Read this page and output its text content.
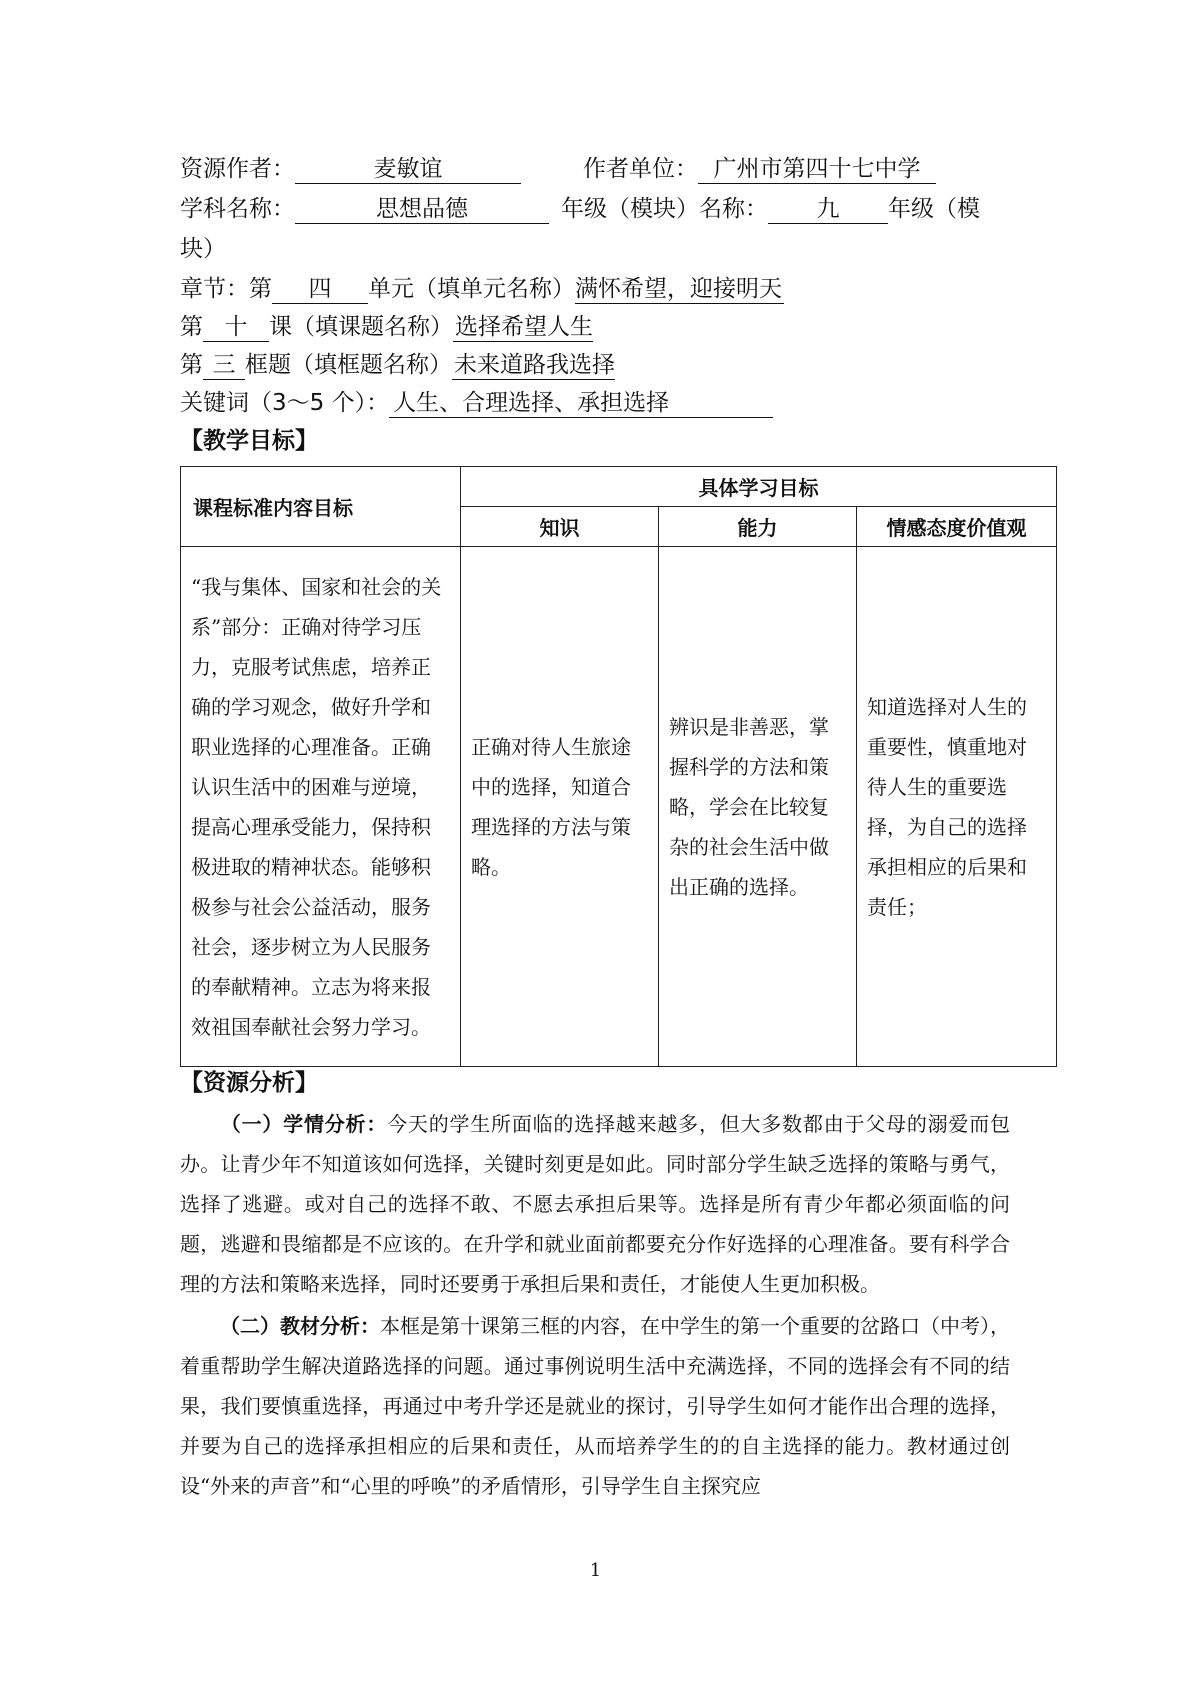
资源作者：	麦敏谊	作者单位： 广州市第四十七中学
学科名称：	思想品德	年级（模块）名称： 九 年级（模
块）
章节：第 四 单元（填单元名称）满怀希望，迎接明天
第 十 课（填课题名称）选择希望人生
第 三 框题（填框题名称）未来道路我选择
关键词（3～5 个）： 人生、合理选择、承担选择
【教学目标】
课程标准内容目标	具体学习目标		
	知识	能力	情感态度价值观
“我与集体、国家和社会的关系”部分：正确对待学习压力，克服考试焦虑，培养正确的学习观念，做好升学和职业选择的心理准备。正确认识生活中的困难与逆境，提高心理承受能力，保持积极进取的精神状态。能够积极参与社会公益活动，服务社会，逐步树立为人民服务的奉献精神。立志为将来报效祖国奉献社会努力学习。	正确对待人生旅途中的选择，知道合理选择的方法与策略。	辨识是非善恶，掌握科学的方法和策略，学会在比较复杂的社会生活中做出正确的选择。	知道选择对人生的重要性，慎重地对待人生的重要选择，为自己的选择承担相应的后果和责任；
【资源分析】
（一）学情分析：今天的学生所面临的选择越来越多，但大多数都由于父母的溺爱而包办。让青少年不知道该如何选择，关键时刻更是如此。同时部分学生缺乏选择的策略与勇气，选择了逃避。或对自己的选择不敢、不愿去承担后果等。选择是所有青少年都必须面临的问题，逃避和畏缩都是不应该的。在升学和就业面前都要充分作好选择的心理准备。要有科学合理的方法和策略来选择，同时还要勇于承担后果和责任，才能使人生更加积极。
（二）教材分析：本框是第十课第三框的内容，在中学生的第一个重要的岔路口（中考），着重帮助学生解决道路选择的问题。通过事例说明生活中充满选择，不同的选择会有不同的结果，我们要慎重选择，再通过中考升学还是就业的探讨，引导学生如何才能作出合理的选择，并要为自己的选择承担相应的后果和责任，从而培养学生的的自主选择的能力。教材通过创设“外来的声音”和“心里的呼唤”的矛盾情形，引导学生自主探究应
1
